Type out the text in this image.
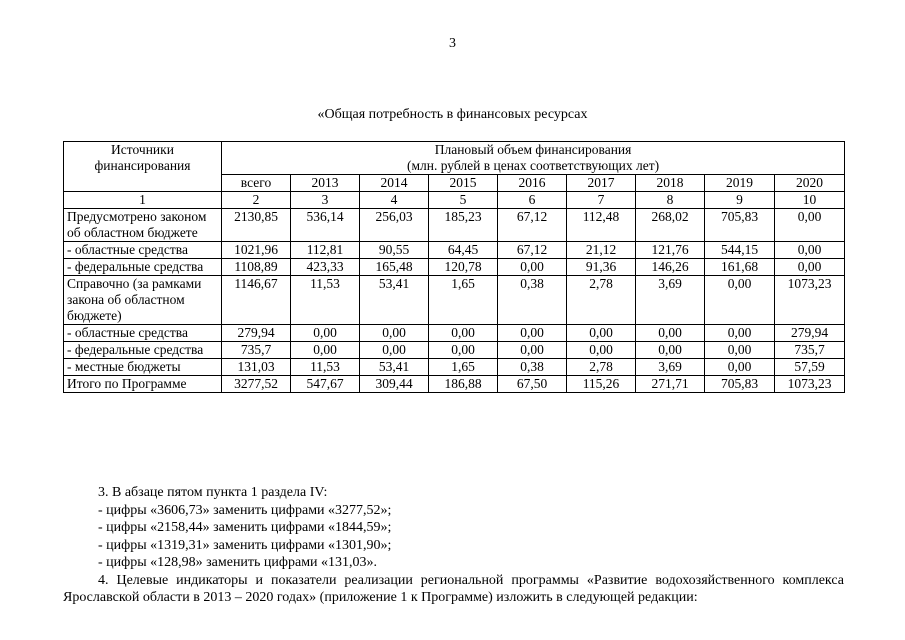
3
«Общая потребность в финансовых ресурсах
Источники финансирования	Плановый объем финансирования
(млн. рублей в ценах соответствующих лет)								

	всего	2013	2014	2015	2016	2017	2018	2019	2020
1	2	3	4	5	6	7	8	9	10
Предусмотрено законом об областном бюджете	2130,85	536,14	256,03	185,23	67,12	112,48	268,02	705,83	0,00
- областные средства	1021,96	112,81	90,55	64,45	67,12	21,12	121,76	544,15	0,00
- федеральные средства	1108,89	423,33	165,48	120,78	0,00	91,36	146,26	161,68	0,00
Справочно (за рамками закона об областном бюджете)	1146,67	11,53	53,41	1,65	0,38	2,78	3,69	0,00	1073,23
- областные средства	279,94	0,00	0,00	0,00	0,00	0,00	0,00	0,00	279,94
- федеральные средства	735,7	0,00	0,00	0,00	0,00	0,00	0,00	0,00	735,7
- местные бюджеты	131,03	11,53	53,41	1,65	0,38	2,78	3,69	0,00	57,59
Итого по Программе	3277,52	547,67	309,44	186,88	67,50	115,26	271,71	705,83	1073,23

3. В абзаце пятом пункта 1 раздела IV:

- цифры «3606,73» заменить цифрами «3277,52»;

- цифры «2158,44» заменить цифрами «1844,59»;

- цифры «1319,31» заменить цифрами «1301,90»;

- цифры «128,98» заменить цифрами «131,03».

4. Целевые индикаторы и показатели реализации региональной программы «Развитие водохозяйственного комплекса Ярославской области в 2013 – 2020 годах» (приложение 1 к Программе) изложить в следующей редакции:
